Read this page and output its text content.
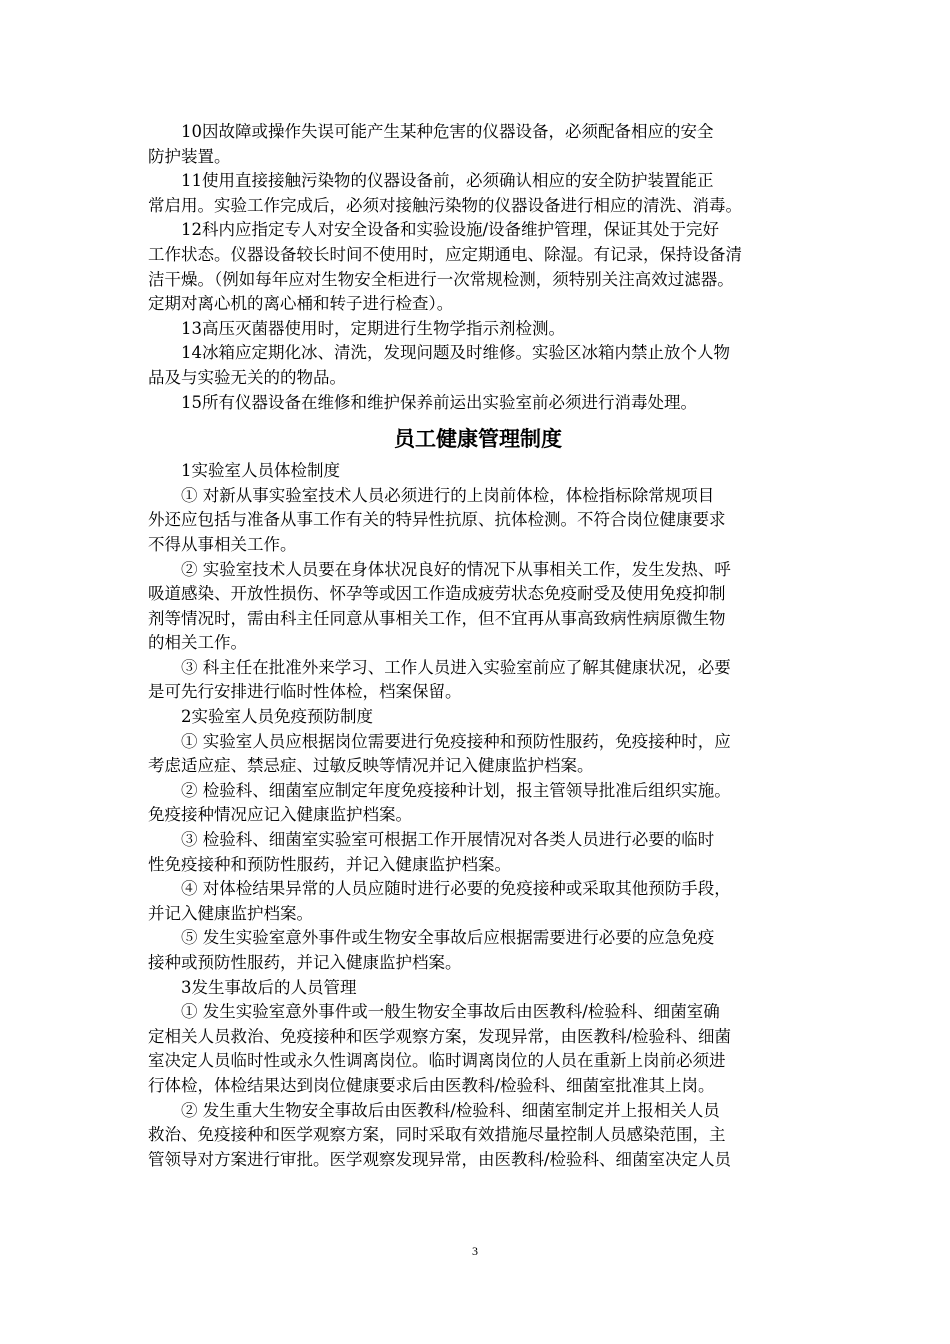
10因故障或操作失误可能产生某种危害的仪器设备，必须配备相应的安全
防护装置。
11使用直接接触污染物的仪器设备前，必须确认相应的安全防护装置能正
常启用。实验工作完成后，必须对接触污染物的仪器设备进行相应的清洗、消毒。
12科内应指定专人对安全设备和实验设施/设备维护管理，保证其处于完好
工作状态。仪器设备较长时间不使用时，应定期通电、除湿。有记录，保持设备清
洁干燥。（例如每年应对生物安全柜进行一次常规检测，须特别关注高效过滤器。
定期对离心机的离心桶和转子进行检查）。
13高压灭菌器使用时，定期进行生物学指示剂检测。
14冰箱应定期化冰、清洗，发现问题及时维修。实验区冰箱内禁止放个人物
品及与实验无关的的物品。
15所有仪器设备在维修和维护保养前运出实验室前必须进行消毒处理。
员工健康管理制度
1实验室人员体检制度
① 对新从事实验室技术人员必须进行的上岗前体检，体检指标除常规项目
外还应包括与准备从事工作有关的特异性抗原、抗体检测。不符合岗位健康要求
不得从事相关工作。
② 实验室技术人员要在身体状况良好的情况下从事相关工作，发生发热、呼
吸道感染、开放性损伤、怀孕等或因工作造成疲劳状态免疫耐受及使用免疫抑制
剂等情况时，需由科主任同意从事相关工作，但不宜再从事高致病性病原微生物
的相关工作。
③ 科主任在批准外来学习、工作人员进入实验室前应了解其健康状况，必要
是可先行安排进行临时性体检，档案保留。
2实验室人员免疫预防制度
① 实验室人员应根据岗位需要进行免疫接种和预防性服药，免疫接种时，应
考虑适应症、禁忌症、过敏反映等情况并记入健康监护档案。
② 检验科、细菌室应制定年度免疫接种计划，报主管领导批准后组织实施。
免疫接种情况应记入健康监护档案。
③ 检验科、细菌室实验室可根据工作开展情况对各类人员进行必要的临时
性免疫接种和预防性服药，并记入健康监护档案。
④ 对体检结果异常的人员应随时进行必要的免疫接种或采取其他预防手段，
并记入健康监护档案。
⑤ 发生实验室意外事件或生物安全事故后应根据需要进行必要的应急免疫
接种或预防性服药，并记入健康监护档案。
3发生事故后的人员管理
① 发生实验室意外事件或一般生物安全事故后由医教科/检验科、细菌室确
定相关人员救治、免疫接种和医学观察方案，发现异常，由医教科/检验科、细菌
室决定人员临时性或永久性调离岗位。临时调离岗位的人员在重新上岗前必须进
行体检，体检结果达到岗位健康要求后由医教科/检验科、细菌室批准其上岗。
② 发生重大生物安全事故后由医教科/检验科、细菌室制定并上报相关人员
救治、免疫接种和医学观察方案，同时采取有效措施尽量控制人员感染范围，主
管领导对方案进行审批。医学观察发现异常，由医教科/检验科、细菌室决定人员
3
